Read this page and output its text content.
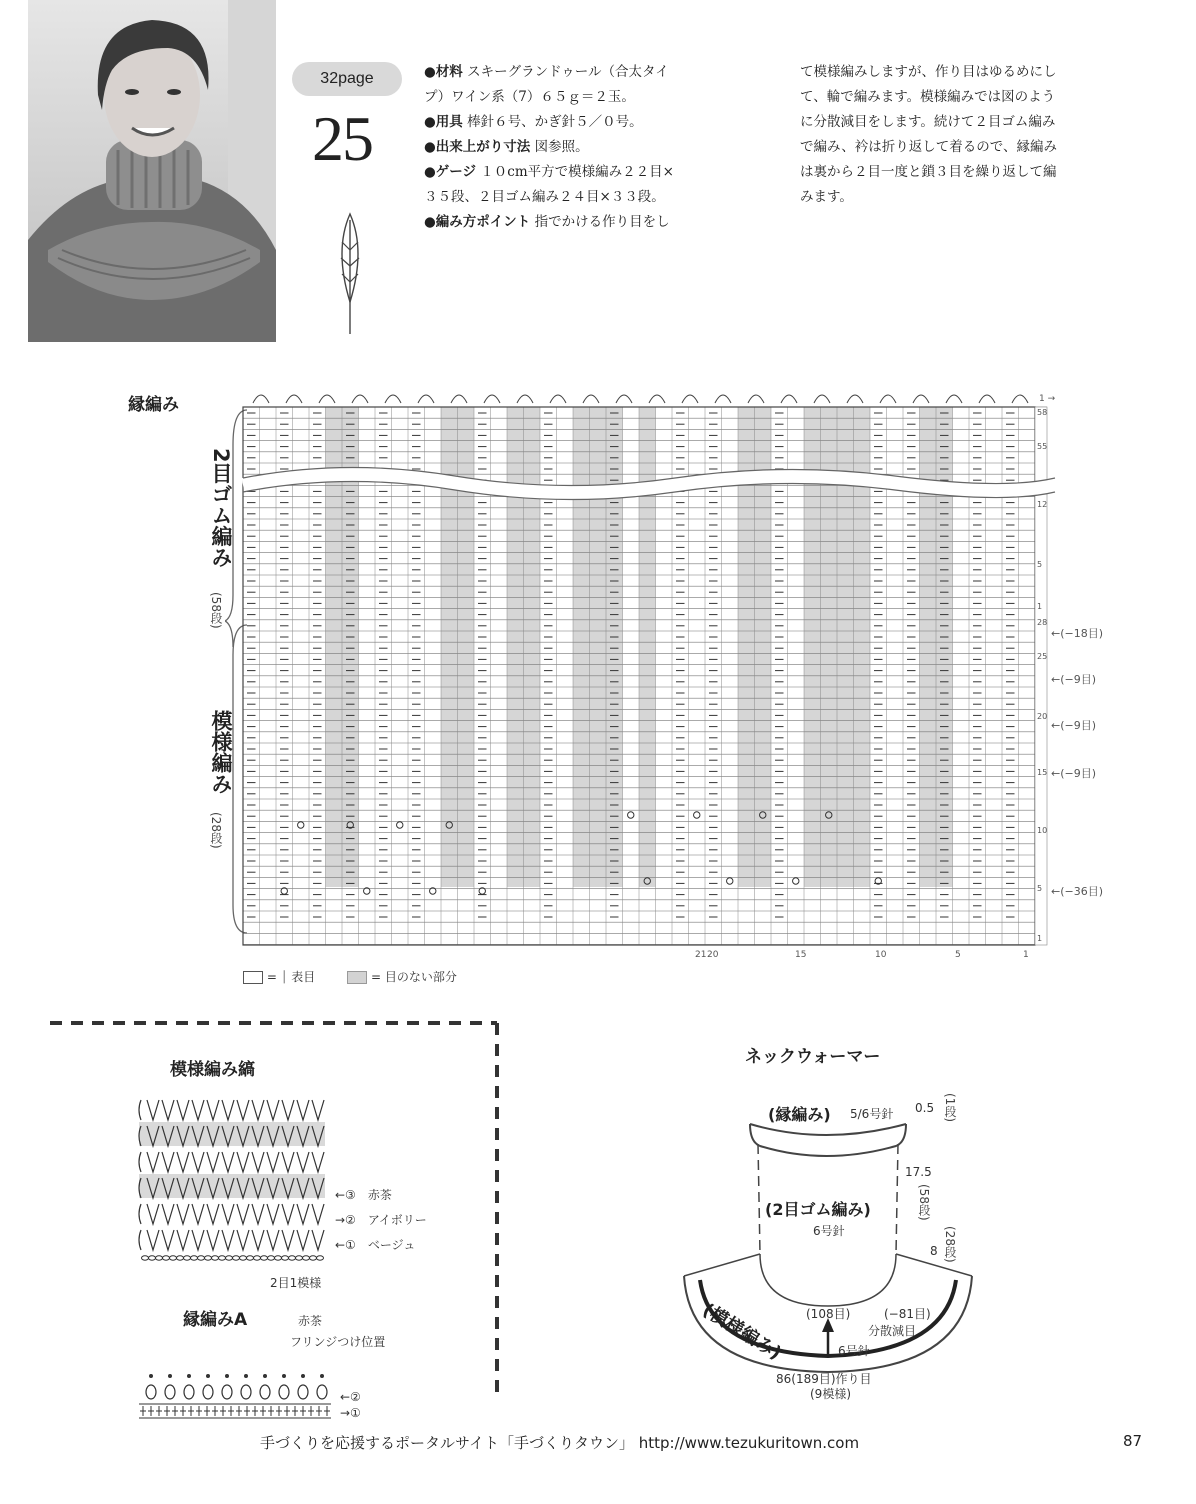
32page
25
●材料 スキーグランドゥール（合太タイ
プ）ワイン系（7）６５ｇ＝２玉。
●用具 棒針６号、かぎ針５／０号。
●出来上がり寸法 図参照。
●ゲージ １０cm平方で模様編み２２目×
３５段、２目ゴム編み２４目×３３段。
●編み方ポイント 指でかける作り目をし
て模様編みしますが、作り目はゆるめにし
て、輪で編みます。模様編みでは図のよう
に分散減目をします。続けて２目ゴム編み
で編み、衿は折り返して着るので、縁編み
は裏から２目一度と鎖３目を繰り返して編
みます。
縁編み
2目ゴム編み
(58段)
模様編み
(28段)
58
55
12
5
1
28
25
20
15
10
5
1
1 →
21 20	15	10	5	1
←(−18目)
←(−9目)
←(−9目)
←(−9目)
←(−36目)
= ⏐ 表目	= 目のない部分
模様編み縞
←③　 赤茶
→②　 アイボリー
←①　 ベージュ
2目1模様
縁編みA	赤茶
フリンジつけ位置
←②
→①
ネックウォーマー
(縁編み) 5/6号針 0.5 (1段)
(2目ゴム編み)
6号針
17.5
(58段)
8 (28段)
(模様編み) (108目)	(−81目)
分散減目
6号針
86(189目)作り目
(9模様)
手づくりを応援するポータルサイト「手づくりタウン」 http://www.tezukuritown.com	87
